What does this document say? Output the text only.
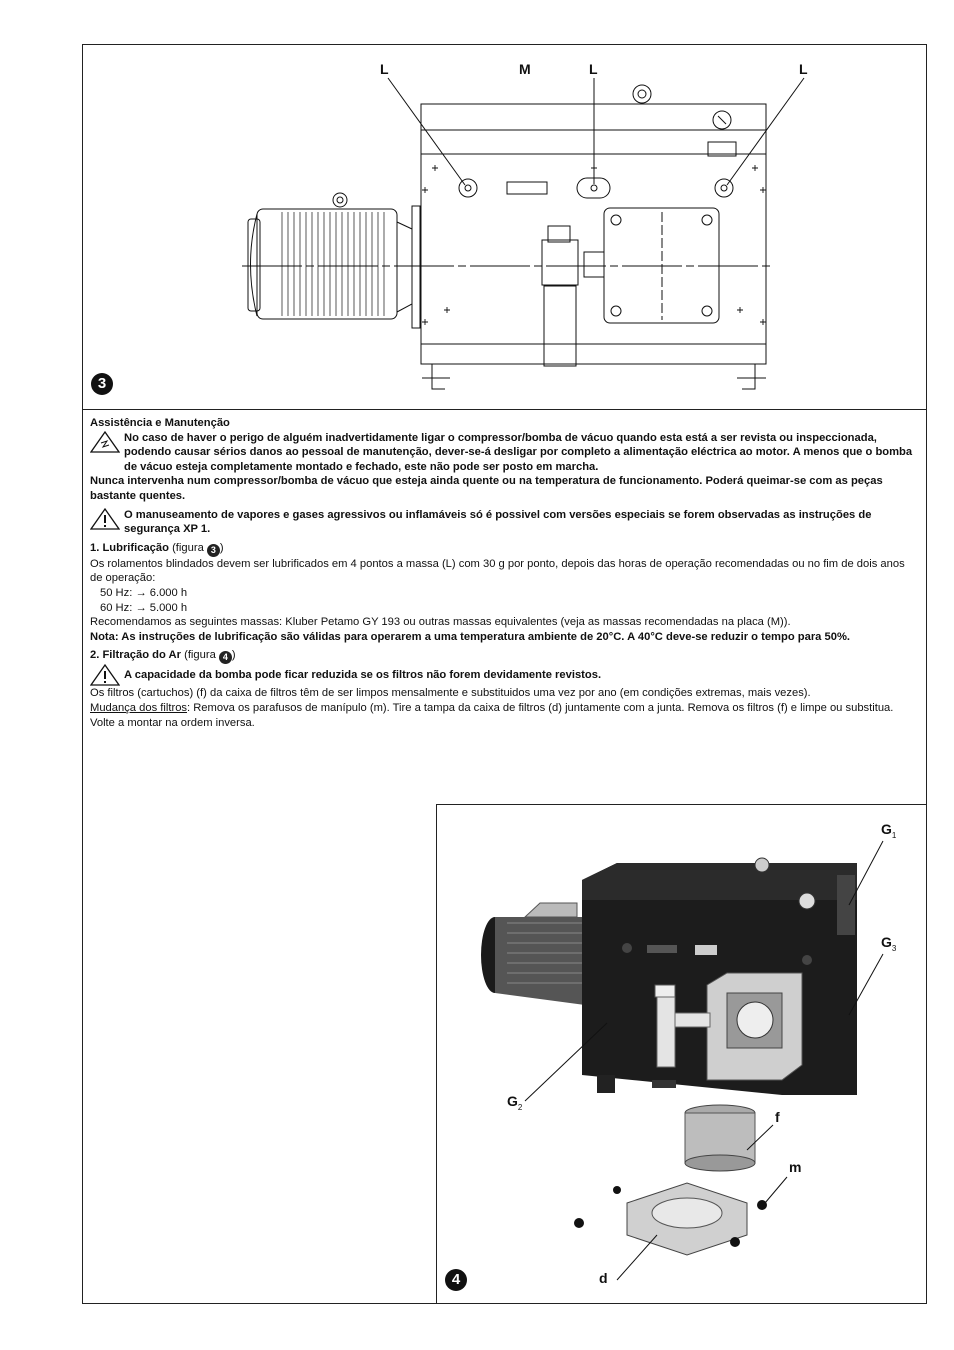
L	M	L	L
3

Assistência e Manutenção

No caso de haver o perigo de alguém inadvertidamente ligar o compressor/bomba de vácuo quando esta está a ser revista ou inspeccionada, podendo causar sérios danos ao pessoal de manutenção, dever-se-á desligar por completo a alimentação eléctrica ao motor. A menos que o bomba de vácuo esteja completamente montado e fechado, este não pode ser posto em marcha.

Nunca intervenha num compressor/bomba de vácuo que esteja ainda quente ou na temperatura de funcionamento. Poderá queimar-se com as peças bastante quentes.

O manuseamento de vapores e gases agressivos ou inflamáveis só é possivel com versões especiais se forem observadas as instruções de segurança XP 1.

1. Lubrificação (figura 3 )

Os rolamentos blindados devem ser lubrificados em 4 pontos a massa (L) com 30 g por ponto, depois das horas de operação recomendadas ou no fim de dois anos de operação:

50 Hz: → 6.000 h

60 Hz: → 5.000 h

Recomendamos as seguintes massas: Kluber Petamo GY 193 ou outras massas equivalentes (veja as massas recomendadas na placa (M)).

Nota: As instruções de lubrificação são válidas para operarem a uma temperatura ambiente de 20°C. A 40°C deve-se reduzir o tempo para 50%.

2. Filtração do Ar (figura 4 )

A capacidade da bomba pode ficar reduzida se os filtros não forem devidamente revistos.

Os filtros (cartuchos) (f) da caixa de filtros têm de ser limpos mensalmente e substituidos uma vez por ano (em condições extremas, mais vezes).

Mudança dos filtros: Remova os parafusos de manípulo (m). Tire a tampa da caixa de filtros (d) juntamente com a junta. Remova os filtros (f) e limpe ou substitua. Volte a montar na ordem inversa.

$G_1$
$G_3$
$G_2$
f
m
d
4
